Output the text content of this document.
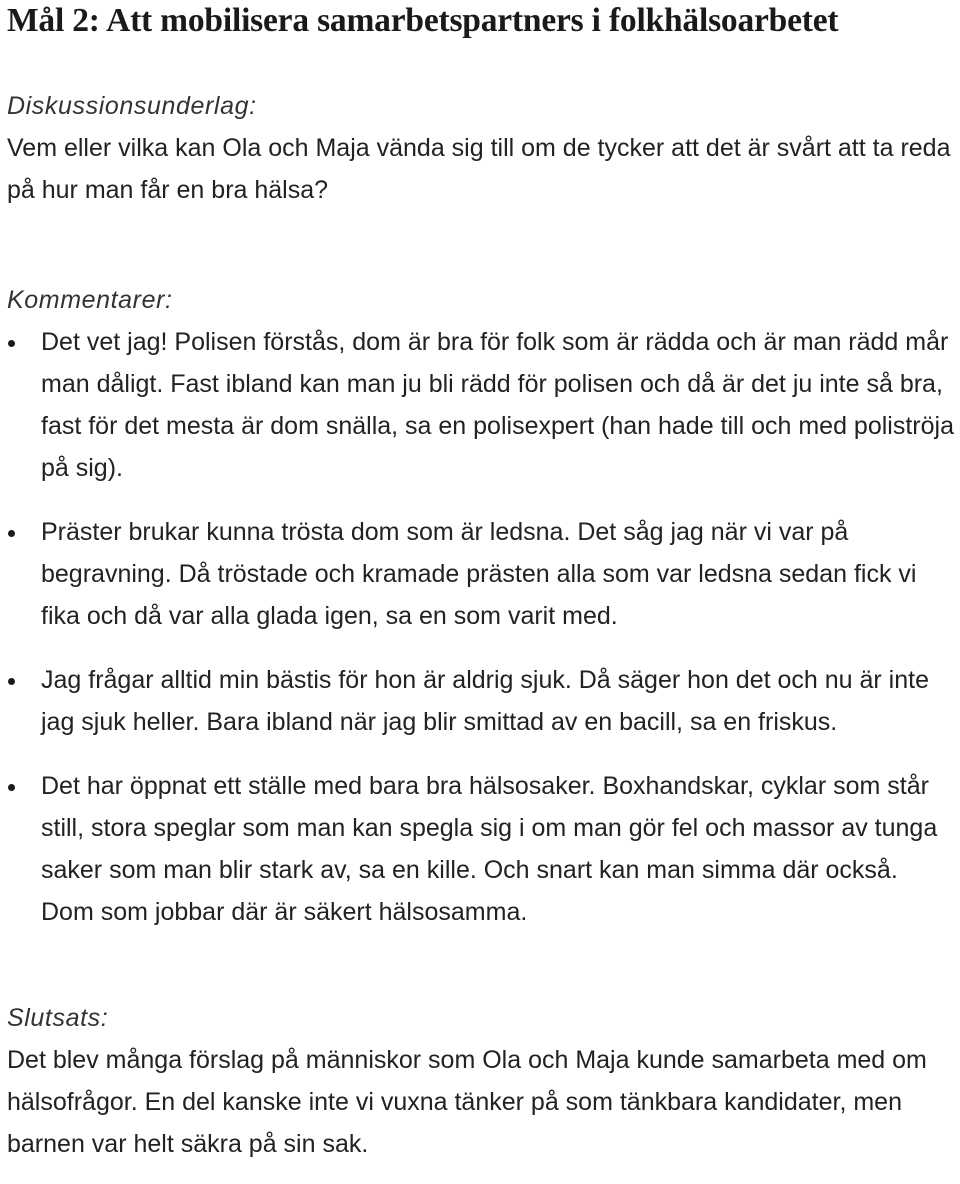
Mål 2: Att mobilisera samarbetspartners i folkhälsoarbetet
Diskussionsunderlag:

Vem eller vilka kan Ola och Maja vända sig till om de tycker att det är svårt att ta reda på hur man får en bra hälsa?

Kommentarer:
Det vet jag! Polisen förstås, dom är bra för folk som är rädda och är man rädd mår man dåligt. Fast ibland kan man ju bli rädd för polisen och då är det ju inte så bra, fast för det mesta är dom snälla, sa en polisexpert (han hade till och med poliströja på sig).
Präster brukar kunna trösta dom som är ledsna. Det såg jag när vi var på begravning. Då tröstade och kramade prästen alla som var ledsna sedan fick vi fika och då var alla glada igen, sa en som varit med.
Jag frågar alltid min bästis för hon är aldrig sjuk. Då säger hon det och nu är inte jag sjuk heller. Bara ibland när jag blir smittad av en bacill, sa en friskus.
Det har öppnat ett ställe med bara bra hälsosaker. Boxhandskar, cyklar som står still, stora speglar som man kan spegla sig i om man gör fel och massor av tunga saker som man blir stark av, sa en kille. Och snart kan man simma där också. Dom som jobbar där är säkert hälsosamma.
Slutsats:

Det blev många förslag på människor som Ola och Maja kunde samarbeta med om hälsofrågor. En del kanske inte vi vuxna tänker på som tänkbara kandidater, men barnen var helt säkra på sin sak.
